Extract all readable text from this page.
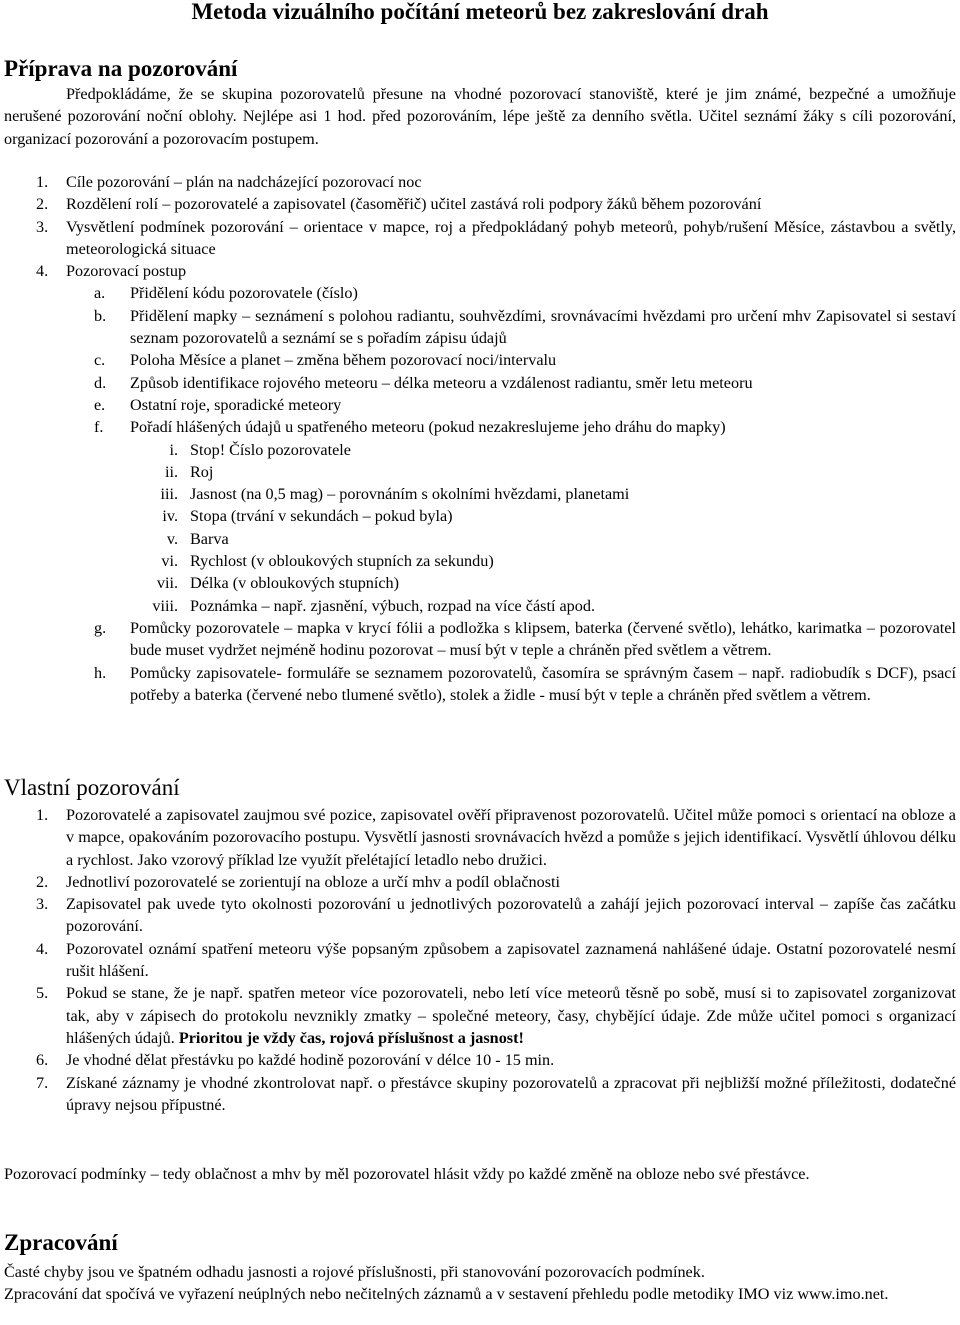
Metoda vizuálního počítání meteorů bez zakreslování drah
Příprava na pozorování

Předpokládáme, že se skupina pozorovatelů přesune na vhodné pozorovací stanoviště, které je jim známé, bezpečné a umožňuje nerušené pozorování noční oblohy. Nejlépe asi 1 hod. před pozorováním, lépe ještě za denního světla. Učitel seznámí žáky s cíli pozorování, organizací pozorování a pozorovacím postupem.

1. Cíle pozorování – plán na nadcházející pozorovací noc
2. Rozdělení rolí – pozorovatelé a zapisovatel (časoměřič) učitel zastává roli podpory žáků během pozorování
3. Vysvětlení podmínek pozorování – orientace v mapce, roj a předpokládaný pohyb meteorů, pohyb/rušení Měsíce, zástavbou a světly, meteorologická situace
4. Pozorovací postup
a. Přidělení kódu pozorovatele (číslo)
b. Přidělení mapky – seznámení s polohou radiantu, souhvězdími, srovnávacími hvězdami pro určení mhv Zapisovatel si sestaví seznam pozorovatelů a seznámí se s pořadím zápisu údajů
c. Poloha Měsíce a planet – změna během pozorovací noci/intervalu
d. Způsob identifikace rojového meteoru – délka meteoru a vzdálenost radiantu, směr letu meteoru
e. Ostatní roje, sporadické meteory
f. Pořadí hlášených údajů u spatřeného meteoru (pokud nezakreslujeme jeho dráhu do mapky)
i. Stop! Číslo pozorovatele
ii. Roj
iii. Jasnost (na 0,5 mag) – porovnáním s okolními hvězdami, planetami
iv. Stopa (trvání v sekundách – pokud byla)
v. Barva
vi. Rychlost (v obloukových stupních za sekundu)
vii. Délka (v obloukových stupních)
viii. Poznámka – např. zjasnění, výbuch, rozpad na více částí apod.
g. Pomůcky pozorovatele – mapka v krycí fólii a podložka s klipsem, baterka (červené světlo), lehátko, karimatka – pozorovatel bude muset vydržet nejméně hodinu pozorovat – musí být v teple a chráněn před světlem a větrem.
h. Pomůcky zapisovatele- formuláře se seznamem pozorovatelů, časomíra se správným časem – např. radiobudík s DCF), psací potřeby a baterka (červené nebo tlumené světlo), stolek a židle - musí být v teple a chráněn před světlem a větrem.
Vlastní pozorování
1. Pozorovatelé a zapisovatel zaujmou své pozice, zapisovatel ověří připravenost pozorovatelů. Učitel může pomoci s orientací na obloze a v mapce, opakováním pozorovacího postupu. Vysvětlí jasnosti srovnávacích hvězd a pomůže s jejich identifikací. Vysvětlí úhlovou délku a rychlost. Jako vzorový příklad lze využít přelétající letadlo nebo družici.
2. Jednotliví pozorovatelé se zorientují na obloze a určí mhv a podíl oblačnosti
3. Zapisovatel pak uvede tyto okolnosti pozorování u jednotlivých pozorovatelů a zahájí jejich pozorovací interval – zapíše čas začátku pozorování.
4. Pozorovatel oznámí spatření meteoru výše popsaným způsobem a zapisovatel zaznamená nahlášené údaje. Ostatní pozorovatelé nesmí rušit hlášení.
5. Pokud se stane, že je např. spatřen meteor více pozorovateli, nebo letí více meteorů těsně po sobě, musí si to zapisovatel zorganizovat tak, aby v zápisech do protokolu nevznikly zmatky – společné meteory, časy, chybějící údaje. Zde může učitel pomoci s organizací hlášených údajů. Prioritou je vždy čas, rojová příslušnost a jasnost!
6. Je vhodné dělat přestávku po každé hodině pozorování v délce 10 - 15 min.
7. Získané záznamy je vhodné zkontrolovat např. o přestávce skupiny pozorovatelů a zpracovat při nejbližší možné příležitosti, dodatečné úpravy nejsou přípustné.

Pozorovací podmínky – tedy oblačnost a mhv by měl pozorovatel hlásit vždy po každé změně na obloze nebo své přestávce.

Zpracování

Časté chyby jsou ve špatném odhadu jasnosti a rojové příslušnosti, při stanovování pozorovacích podmínek.

Zpracování dat spočívá ve vyřazení neúplných nebo nečitelných záznamů a v sestavení přehledu podle metodiky IMO viz www.imo.net.
